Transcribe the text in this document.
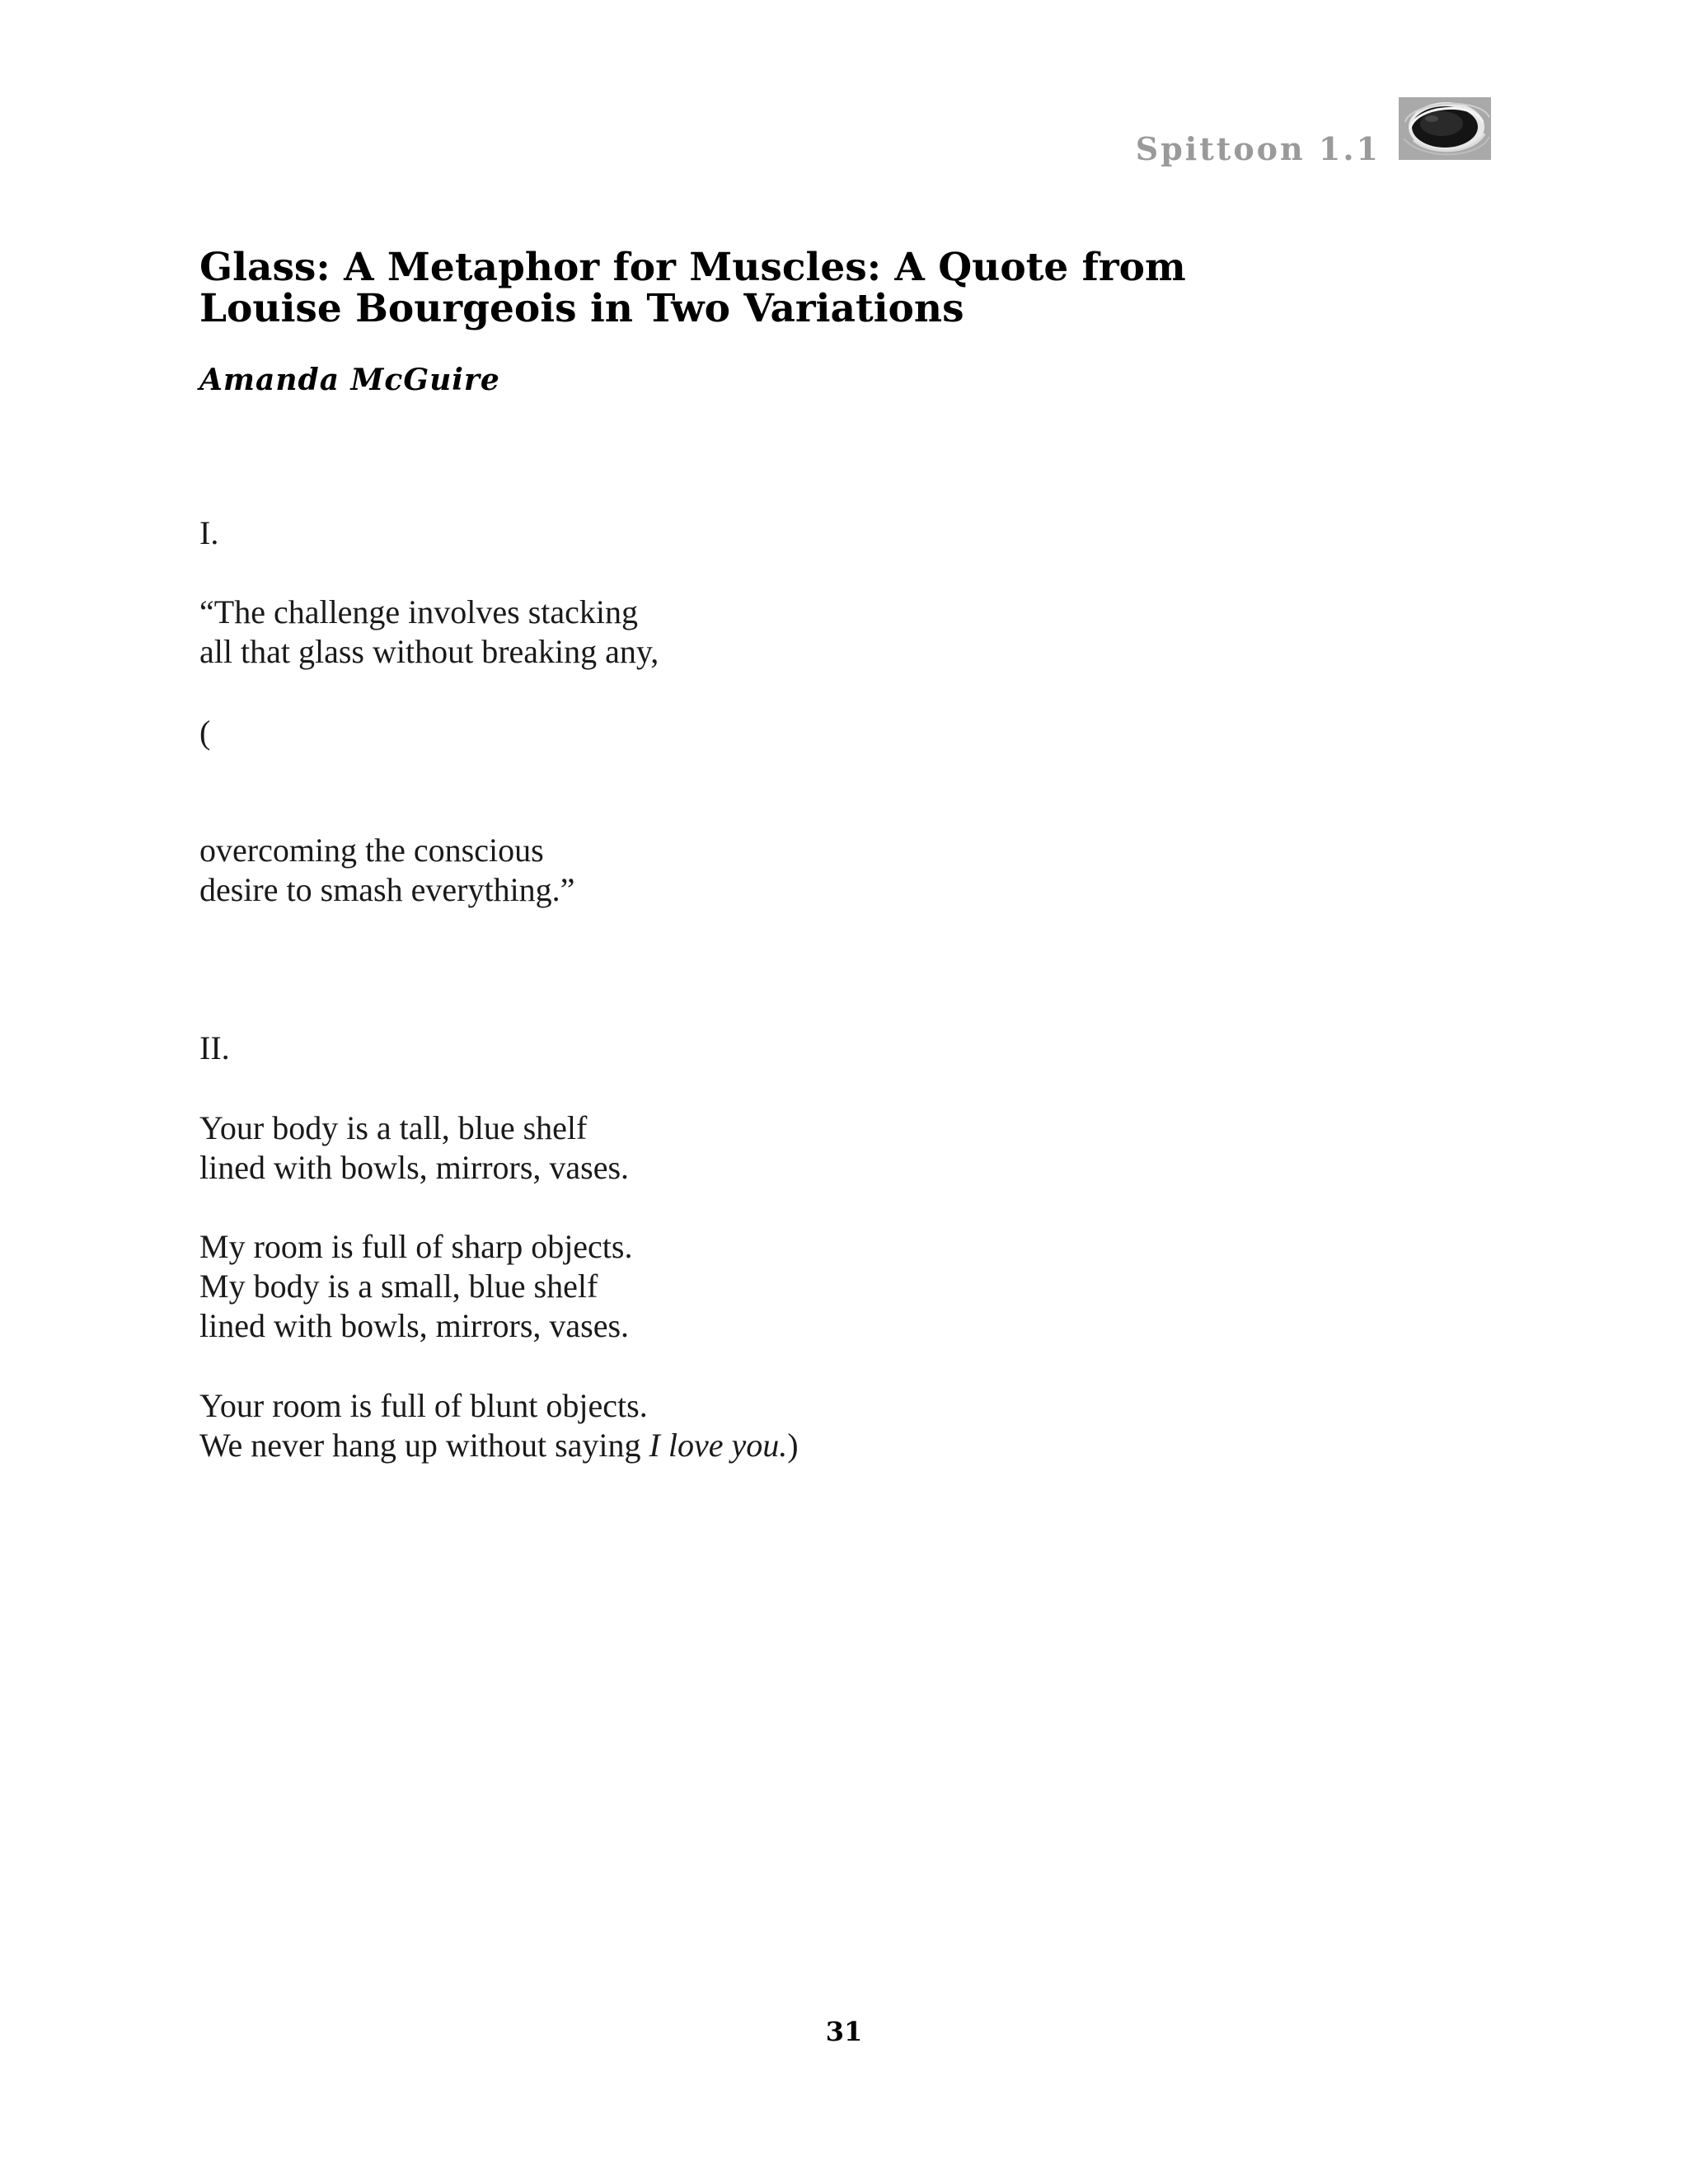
Spittoon 1.1
Glass: A Metaphor for Muscles: A Quote from
Louise Bourgeois in Two Variations
Amanda McGuire
I.
“The challenge involves stacking
all that glass without breaking any,
(
overcoming the conscious
desire to smash everything.”
II.
Your body is a tall, blue shelf
lined with bowls, mirrors, vases.
My room is full of sharp objects.
My body is a small, blue shelf
lined with bowls, mirrors, vases.
Your room is full of blunt objects.
We never hang up without saying I love you.)
31
